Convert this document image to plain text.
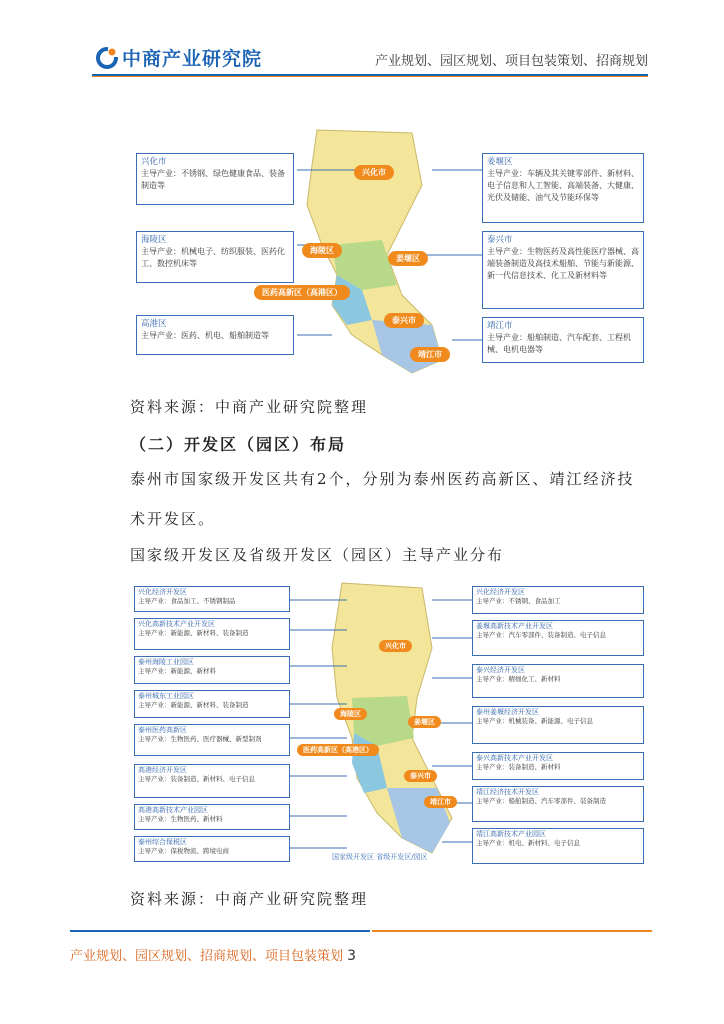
中商产业研究院	产业规划、园区规划、项目包装策划、招商规划
兴化市
海陵区
姜堰区
医药高新区（高港区）
泰兴市
靖江市
兴化市
主导产业：不锈钢、绿色健康食品、装备制造等
海陵区
主导产业：机械电子、纺织服装、医药化工、数控机床等
高港区
主导产业：医药、机电、船舶制造等
姜堰区
主导产业：车辆及其关键零部件、新材料、电子信息和人工智能、高端装备、大健康、光伏及储能、油气及节能环保等
泰兴市
主导产业：生物医药及高性能医疗器械、高端装备制造及高技术船舶、节能与新能源、新一代信息技术、化工及新材料等
靖江市
主导产业：船舶制造、汽车配套、工程机械、电机电器等
资料来源：中商产业研究院整理
（二）开发区（园区）布局
泰州市国家级开发区共有2个，分别为泰州医药高新区、靖江经济技
术开发区。
国家级开发区及省级开发区（园区）主导产业分布
兴化市
海陵区
姜堰区
医药高新区（高港区）
泰兴市
靖江市
兴化经济开发区
主导产业：食品加工、不锈钢制品
兴化高新技术产业开发区
主导产业：新能源、新材料、装备制造
泰州海陵工业园区
主导产业：新能源、新材料
泰州城东工业园区
主导产业：新能源、新材料、装备制造
泰州医药高新区
主导产业：生物医药、医疗器械、新型制剂
高港经济开发区
主导产业：装备制造、新材料、电子信息
高港高新技术产业园区
主导产业：生物医药、新材料
泰州综合保税区
主导产业：保税物流、跨境电商
兴化经济开发区
主导产业：不锈钢、食品加工
姜堰高新技术产业开发区
主导产业：汽车零部件、装备制造、电子信息
泰兴经济开发区
主导产业：精细化工、新材料
泰州姜堰经济开发区
主导产业：机械装备、新能源、电子信息
泰兴高新技术产业开发区
主导产业：装备制造、新材料
靖江经济技术开发区
主导产业：船舶制造、汽车零部件、装备制造
靖江高新技术产业园区
主导产业：机电、新材料、电子信息
国家级开发区 省级开发区/园区
资料来源：中商产业研究院整理
产业规划、园区规划、招商规划、项目包装策划 3
